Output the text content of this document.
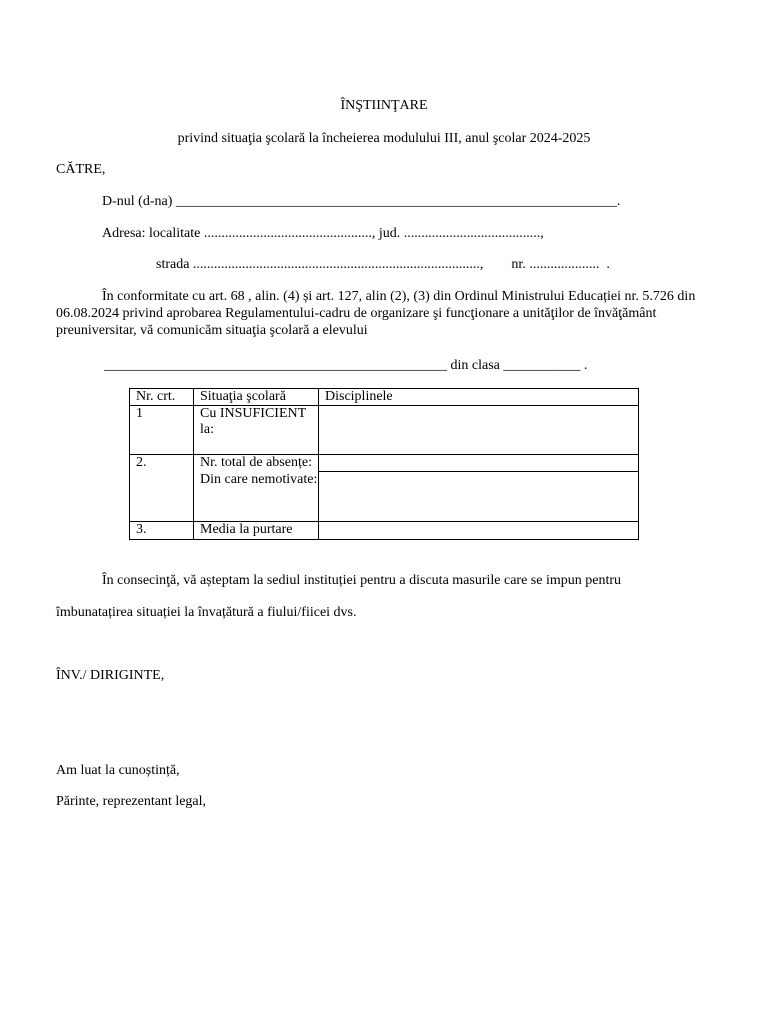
ÎNŞTIINŢARE
privind situaţia şcolară la încheierea modulului III, anul şcolar 2024-2025
CĂTRE,
D-nul (d-na) _______________________________________________________________.
Adresa: localitate ................................................, jud. .......................................,
strada ..................................................................................,        nr. ....................  .
În conformitate cu art. 68 , alin. (4) și art. 127, alin (2), (3) din Ordinul Ministrului Educației nr. 5.726 din 06.08.2024 privind aprobarea Regulamentului-cadru de organizare şi funcţionare a unităţilor de învăţământ preuniversitar, vă comunicăm situaţia şcolară a elevului
_________________________________________________ din clasa ___________ .
Nr. crt.	Situaţia şcolară	Disciplinele
1	Cu INSUFICIENT la:	
2.	Nr. total de absențe:	
	Din care nemotivate:	
3.	Media la purtare	
În consecinţă, vă așteptam la sediul instituției pentru a discuta masurile care se impun pentru
îmbunatațirea situației la învațătură a fiului/fiicei dvs.
ÎNV./ DIRIGINTE,
Am luat la cunoștință,
Părinte, reprezentant legal,
